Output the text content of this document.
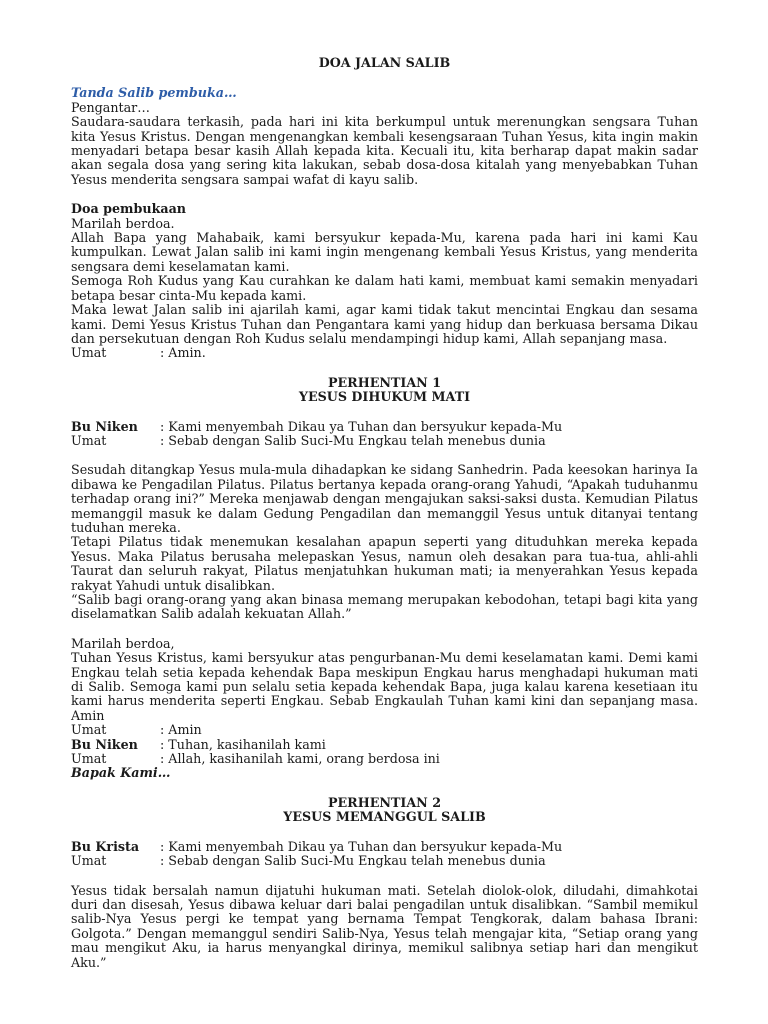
DOA JALAN SALIB

Tanda Salib pembuka…

Pengantar…

Saudara-saudara terkasih, pada hari ini kita berkumpul untuk merenungkan sengsara Tuhan kita Yesus Kristus. Dengan mengenangkan kembali kesengsaraan Tuhan Yesus, kita ingin makin menyadari betapa besar kasih Allah kepada kita. Kecuali itu, kita berharap dapat makin sadar akan segala dosa yang sering kita lakukan, sebab dosa-dosa kitalah yang menyebabkan Tuhan Yesus menderita sengsara sampai wafat di kayu salib.

Doa pembukaan

Marilah berdoa.

Allah Bapa yang Mahabaik, kami bersyukur kepada-Mu, karena pada hari ini kami Kau kumpulkan. Lewat Jalan salib ini kami ingin mengenang kembali Yesus Kristus, yang menderita sengsara demi keselamatan kami.

Semoga Roh Kudus yang Kau curahkan ke dalam hati kami, membuat kami semakin menyadari betapa besar cinta-Mu kepada kami.

Maka lewat Jalan salib ini ajarilah kami, agar kami tidak takut mencintai Engkau dan sesama kami. Demi Yesus Kristus Tuhan dan Pengantara kami yang hidup dan berkuasa bersama Dikau dan persekutuan dengan Roh Kudus selalu mendampingi hidup kami, Allah sepanjang masa.

Umat	: Amin.

PERHENTIAN 1

YESUS DIHUKUM MATI

Bu Niken	: Kami menyembah Dikau ya Tuhan dan bersyukur kepada-Mu
Umat	: Sebab dengan Salib Suci-Mu Engkau telah menebus dunia

Sesudah ditangkap Yesus mula-mula dihadapkan ke sidang Sanhedrin. Pada keesokan harinya Ia dibawa ke Pengadilan Pilatus. Pilatus bertanya kepada orang-orang Yahudi, “Apakah tuduhanmu terhadap orang ini?” Mereka menjawab dengan mengajukan saksi-saksi dusta. Kemudian Pilatus memanggil masuk ke dalam Gedung Pengadilan dan memanggil Yesus untuk ditanyai tentang tuduhan mereka.

Tetapi Pilatus tidak menemukan kesalahan apapun seperti yang dituduhkan mereka kepada Yesus. Maka Pilatus berusaha melepaskan Yesus, namun oleh desakan para tua-tua, ahli-ahli Taurat dan seluruh rakyat, Pilatus menjatuhkan hukuman mati; ia menyerahkan Yesus kepada rakyat Yahudi untuk disalibkan.

“Salib bagi orang-orang yang akan binasa memang merupakan kebodohan, tetapi bagi kita yang diselamatkan Salib adalah kekuatan Allah.”

Marilah berdoa,

Tuhan Yesus Kristus, kami bersyukur atas pengurbanan-Mu demi keselamatan kami. Demi kami Engkau telah setia kepada kehendak Bapa meskipun Engkau harus menghadapi hukuman mati di Salib. Semoga kami pun selalu setia kepada kehendak Bapa, juga kalau karena kesetiaan itu kami harus menderita seperti Engkau. Sebab Engkaulah Tuhan kami kini dan sepanjang masa. Amin

Umat	: Amin
Bu Niken	: Tuhan, kasihanilah kami
Umat	: Allah, kasihanilah kami, orang berdosa ini

Bapak Kami…

PERHENTIAN 2

YESUS MEMANGGUL SALIB

Bu Krista	: Kami menyembah Dikau ya Tuhan dan bersyukur kepada-Mu
Umat	: Sebab dengan Salib Suci-Mu Engkau telah menebus dunia

Yesus tidak bersalah namun dijatuhi hukuman mati. Setelah diolok-olok, diludahi, dimahkotai duri dan disesah, Yesus dibawa keluar dari balai pengadilan untuk disalibkan. “Sambil memikul salib-Nya Yesus pergi ke tempat yang bernama Tempat Tengkorak, dalam bahasa Ibrani: Golgota.” Dengan memanggul sendiri Salib-Nya, Yesus telah mengajar kita, “Setiap orang yang mau mengikut Aku, ia harus menyangkal dirinya, memikul salibnya setiap hari dan mengikut Aku.”
